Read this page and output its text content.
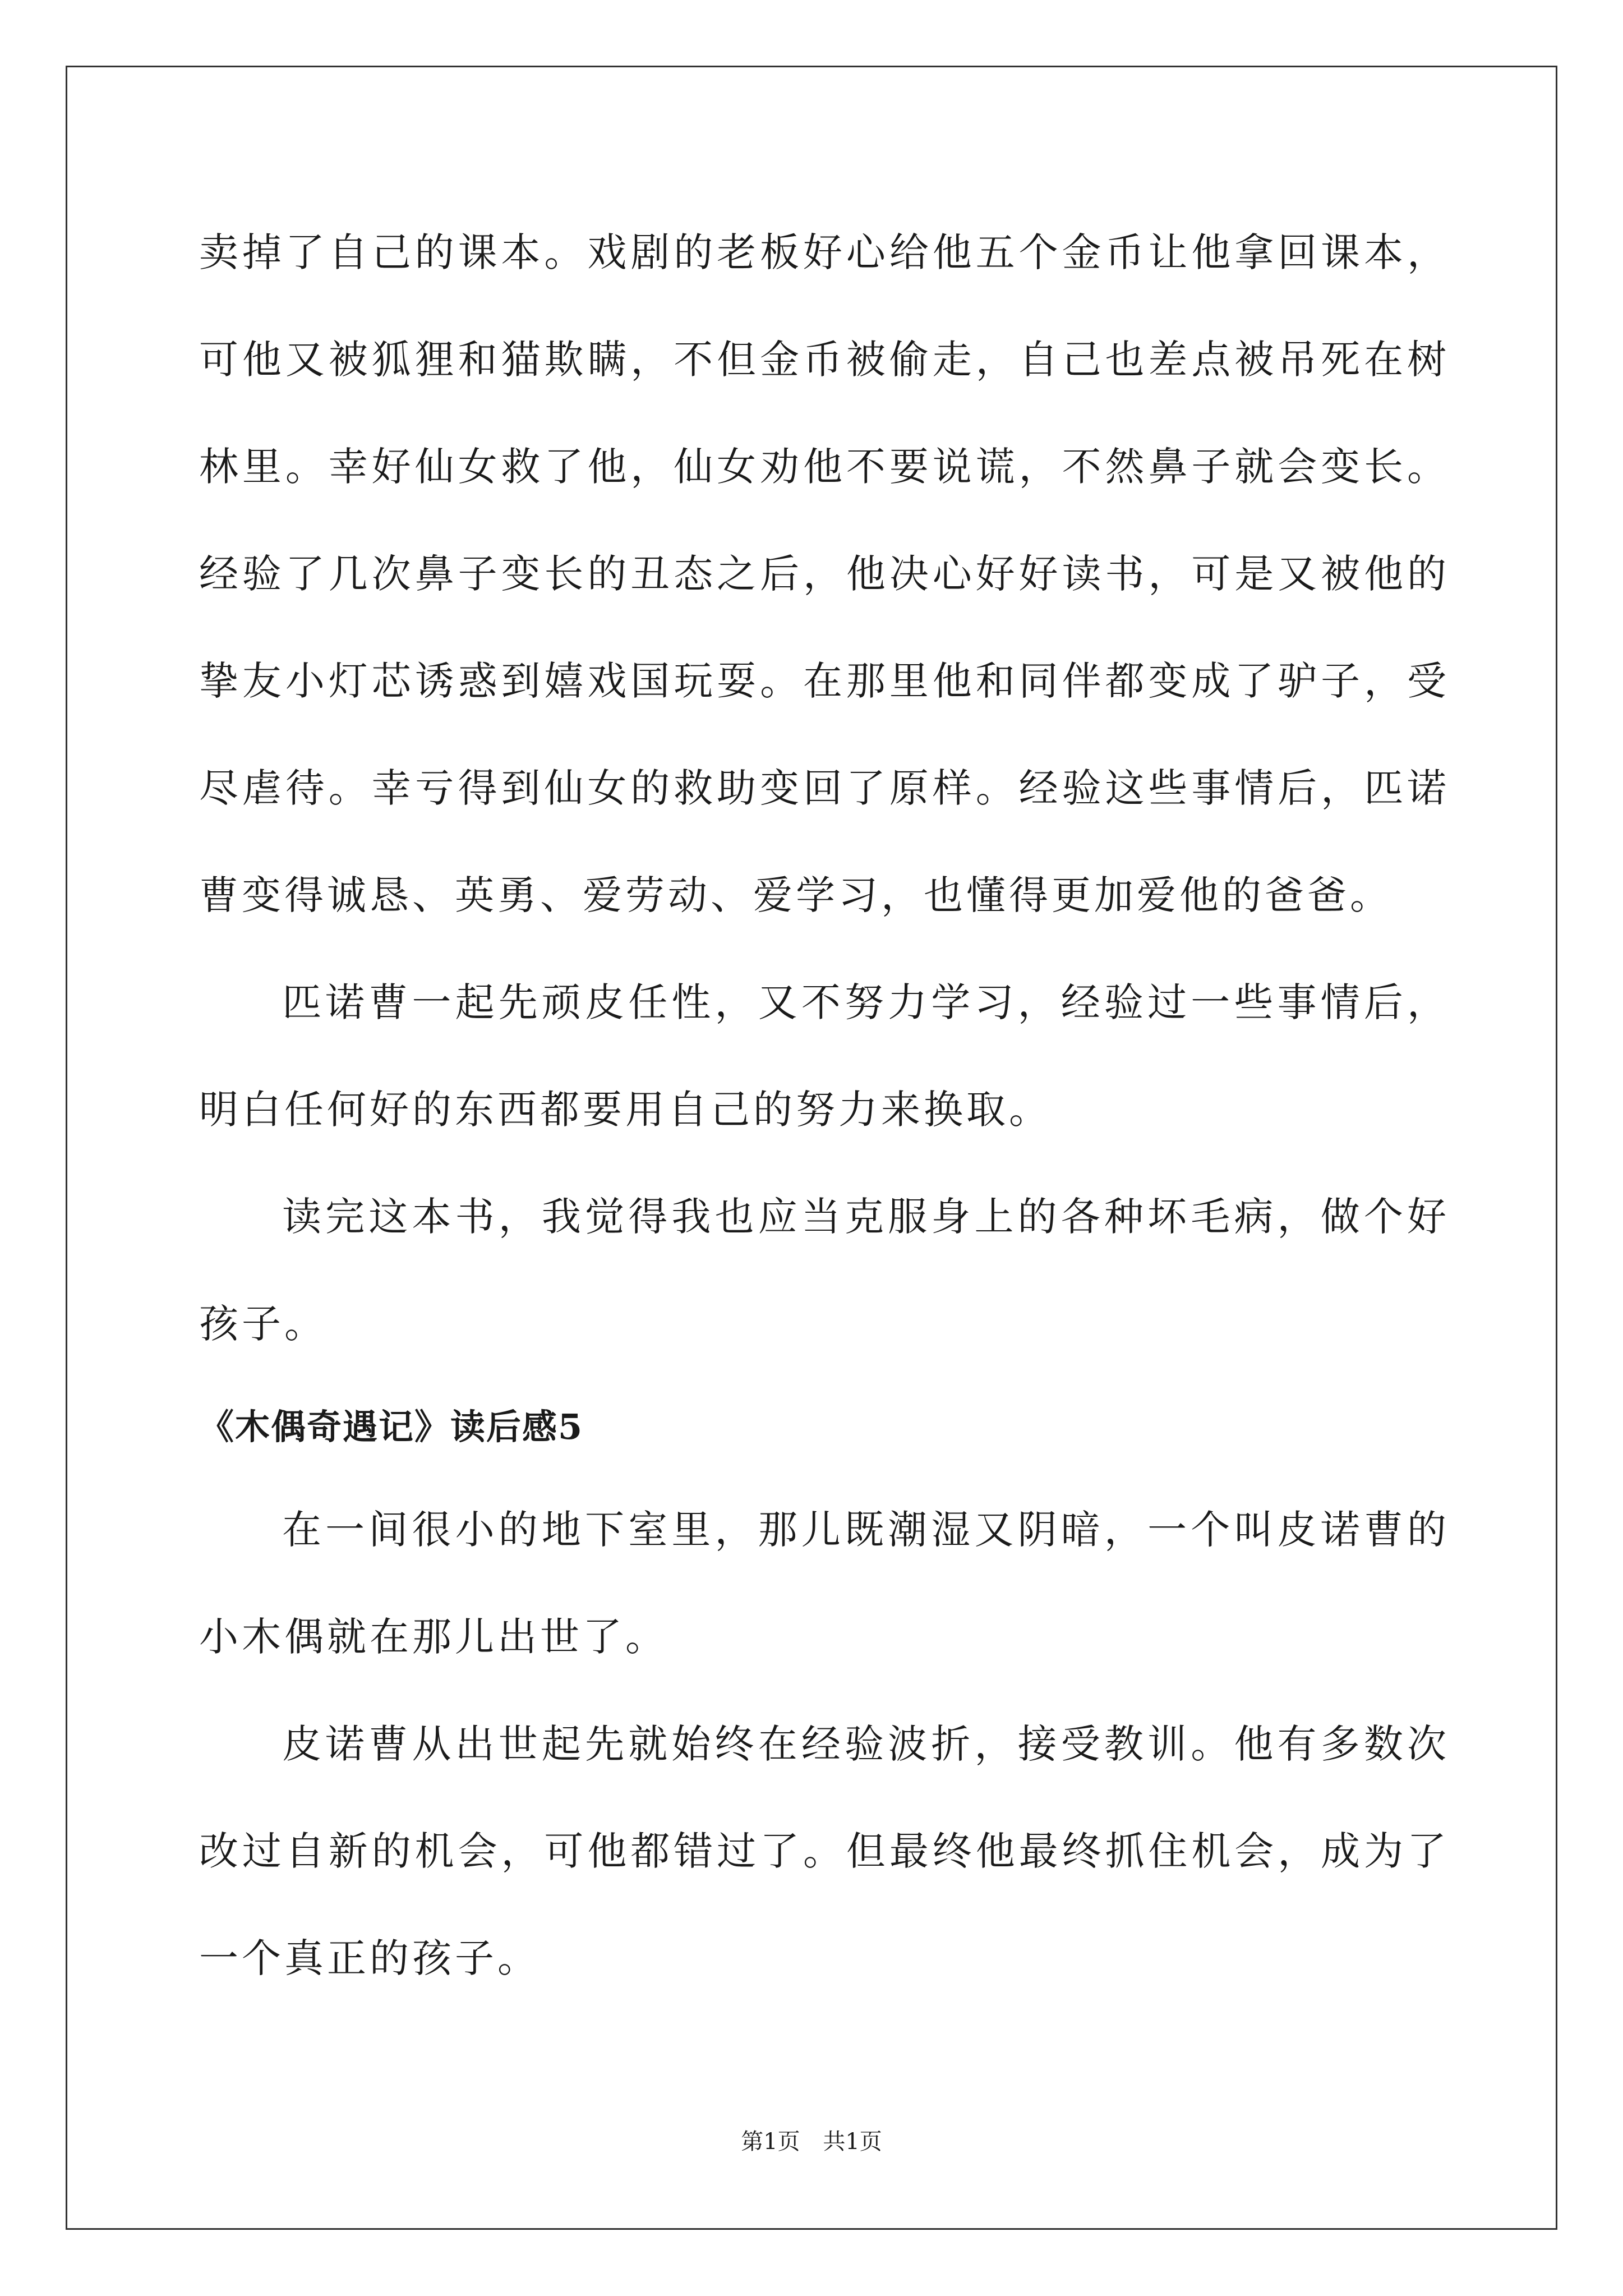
卖掉了自己的课本。戏剧的老板好心给他五个金币让他拿回课本，可他又被狐狸和猫欺瞒，不但金币被偷走，自己也差点被吊死在树林里。幸好仙女救了他，仙女劝他不要说谎，不然鼻子就会变长。经验了几次鼻子变长的丑态之后，他决心好好读书，可是又被他的挚友小灯芯诱惑到嬉戏国玩耍。在那里他和同伴都变成了驴子，受尽虐待。幸亏得到仙女的救助变回了原样。经验这些事情后，匹诺曹变得诚恳、英勇、爱劳动、爱学习，也懂得更加爱他的爸爸。

匹诺曹一起先顽皮任性，又不努力学习，经验过一些事情后，明白任何好的东西都要用自己的努力来换取。

读完这本书，我觉得我也应当克服身上的各种坏毛病，做个好孩子。

《木偶奇遇记》读后感5

在一间很小的地下室里，那儿既潮湿又阴暗，一个叫皮诺曹的小木偶就在那儿出世了。

皮诺曹从出世起先就始终在经验波折，接受教训。他有多数次改过自新的机会，可他都错过了。但最终他最终抓住机会，成为了一个真正的孩子。

第1页 共1页
